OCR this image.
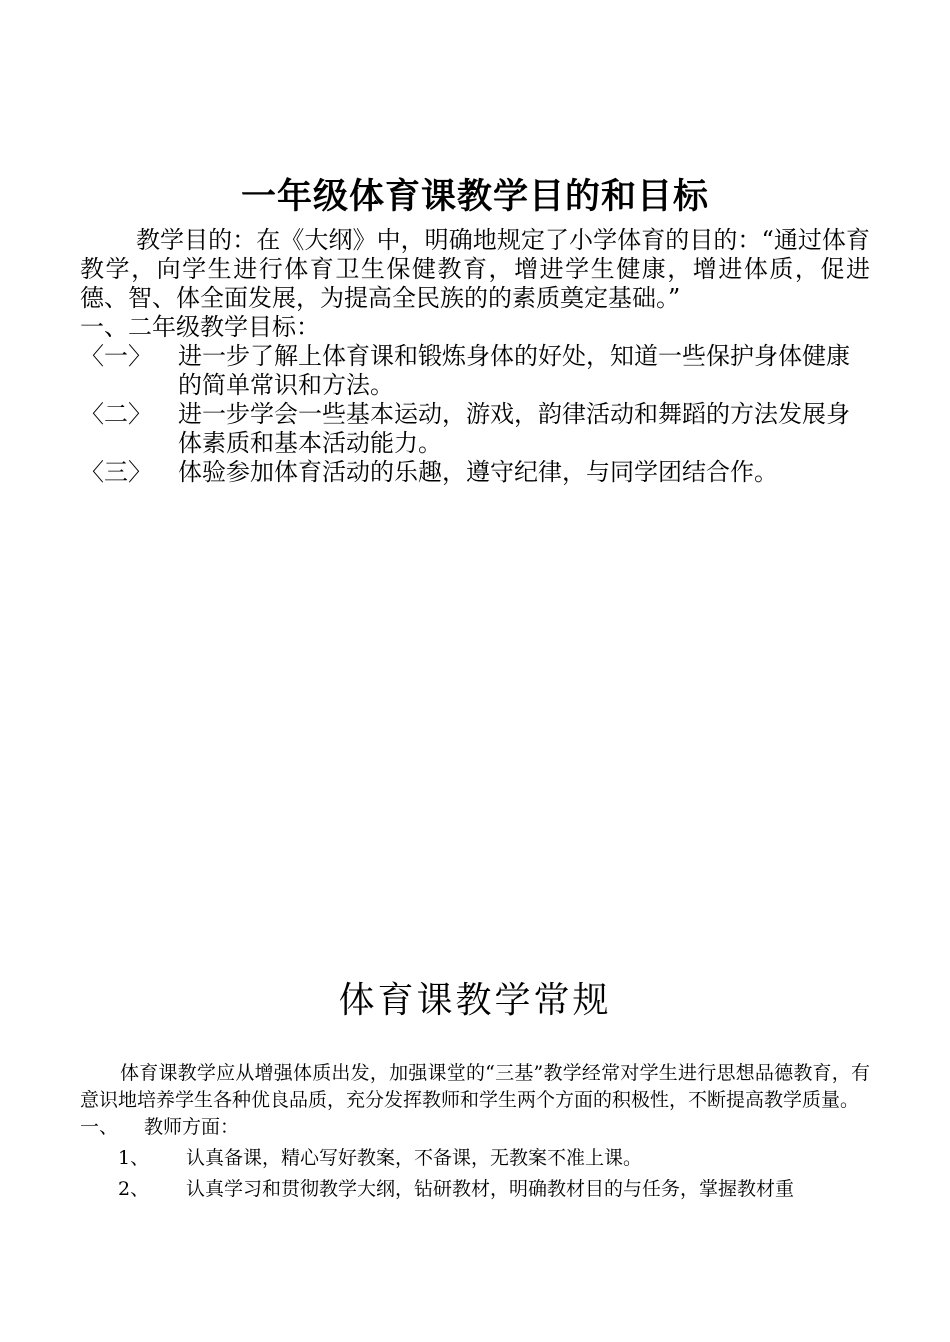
一年级体育课教学目的和目标

教学目的：在《大纲》中，明确地规定了小学体育的目的：“通过体育教学，向学生进行体育卫生保健教育，增进学生健康，增进体质，促进德、智、体全面发展，为提高全民族的的素质奠定基础。”

一、二年级教学目标：

〈一〉	进一步了解上体育课和锻炼身体的好处，知道一些保护身体健康的简单常识和方法。
〈二〉	进一步学会一些基本运动，游戏，韵律活动和舞蹈的方法发展身体素质和基本活动能力。
〈三〉	体验参加体育活动的乐趣，遵守纪律，与同学团结合作。
体育课教学常规

体育课教学应从增强体质出发，加强课堂的“三基”教学经常对学生进行思想品德教育，有意识地培养学生各种优良品质，充分发挥教师和学生两个方面的积极性，不断提高教学质量。

一、	教师方面：
1、	认真备课，精心写好教案，不备课，无教案不准上课。
2、	认真学习和贯彻教学大纲，钻研教材，明确教材目的与任务，掌握教材重
